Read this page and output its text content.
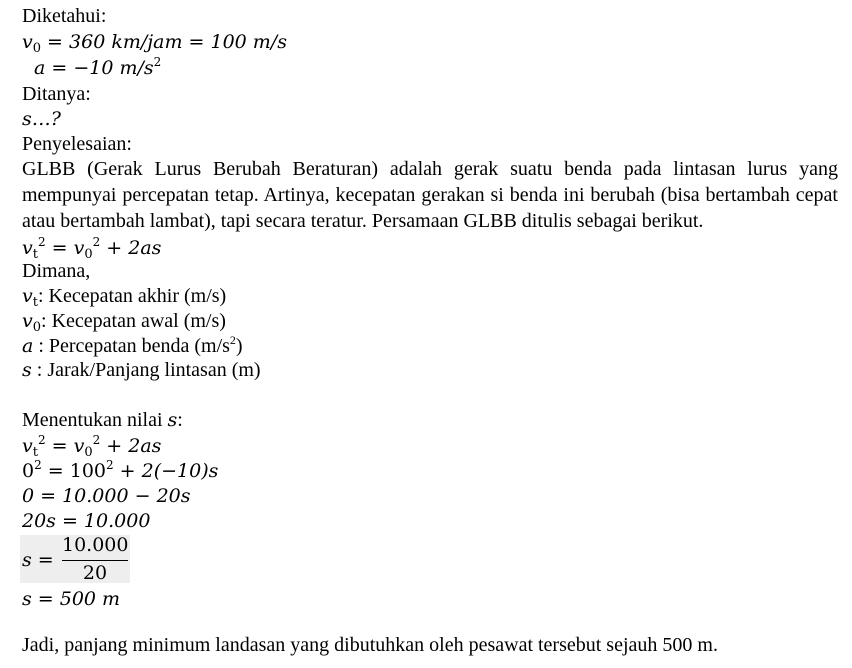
Diketahui:
$v_0 = 360$ km/jam = 100 m/s
a = −10 $m/s^2$
Ditanya:
s…?
Penyelesaian:
GLBB (Gerak Lurus Berubah Beraturan) adalah gerak suatu benda pada lintasan lurus yang mempunyai percepatan tetap. Artinya, kecepatan gerakan si benda ini berubah (bisa bertambah cepat atau bertambah lambat), tapi secara teratur. Persamaan GLBB ditulis sebagai berikut.
$v_t^2 = v_0^2 + 2as$
Dimana,
$v_t$: Kecepatan akhir (m/s)
$v_0$: Kecepatan awal (m/s)
a : Percepatan benda $(m/s^2)$
s : Jarak/Panjang lintasan (m)
Menentukan nilai s:
$v_t^2 = v_0^2 + 2as$
$0^2 = 100^2 + 2(-10)s$
0 = 10.000 − 20s
20s = 10.000
s =
10.000
20
s = 500 m
Jadi, panjang minimum landasan yang dibutuhkan oleh pesawat tersebut sejauh 500 m.
